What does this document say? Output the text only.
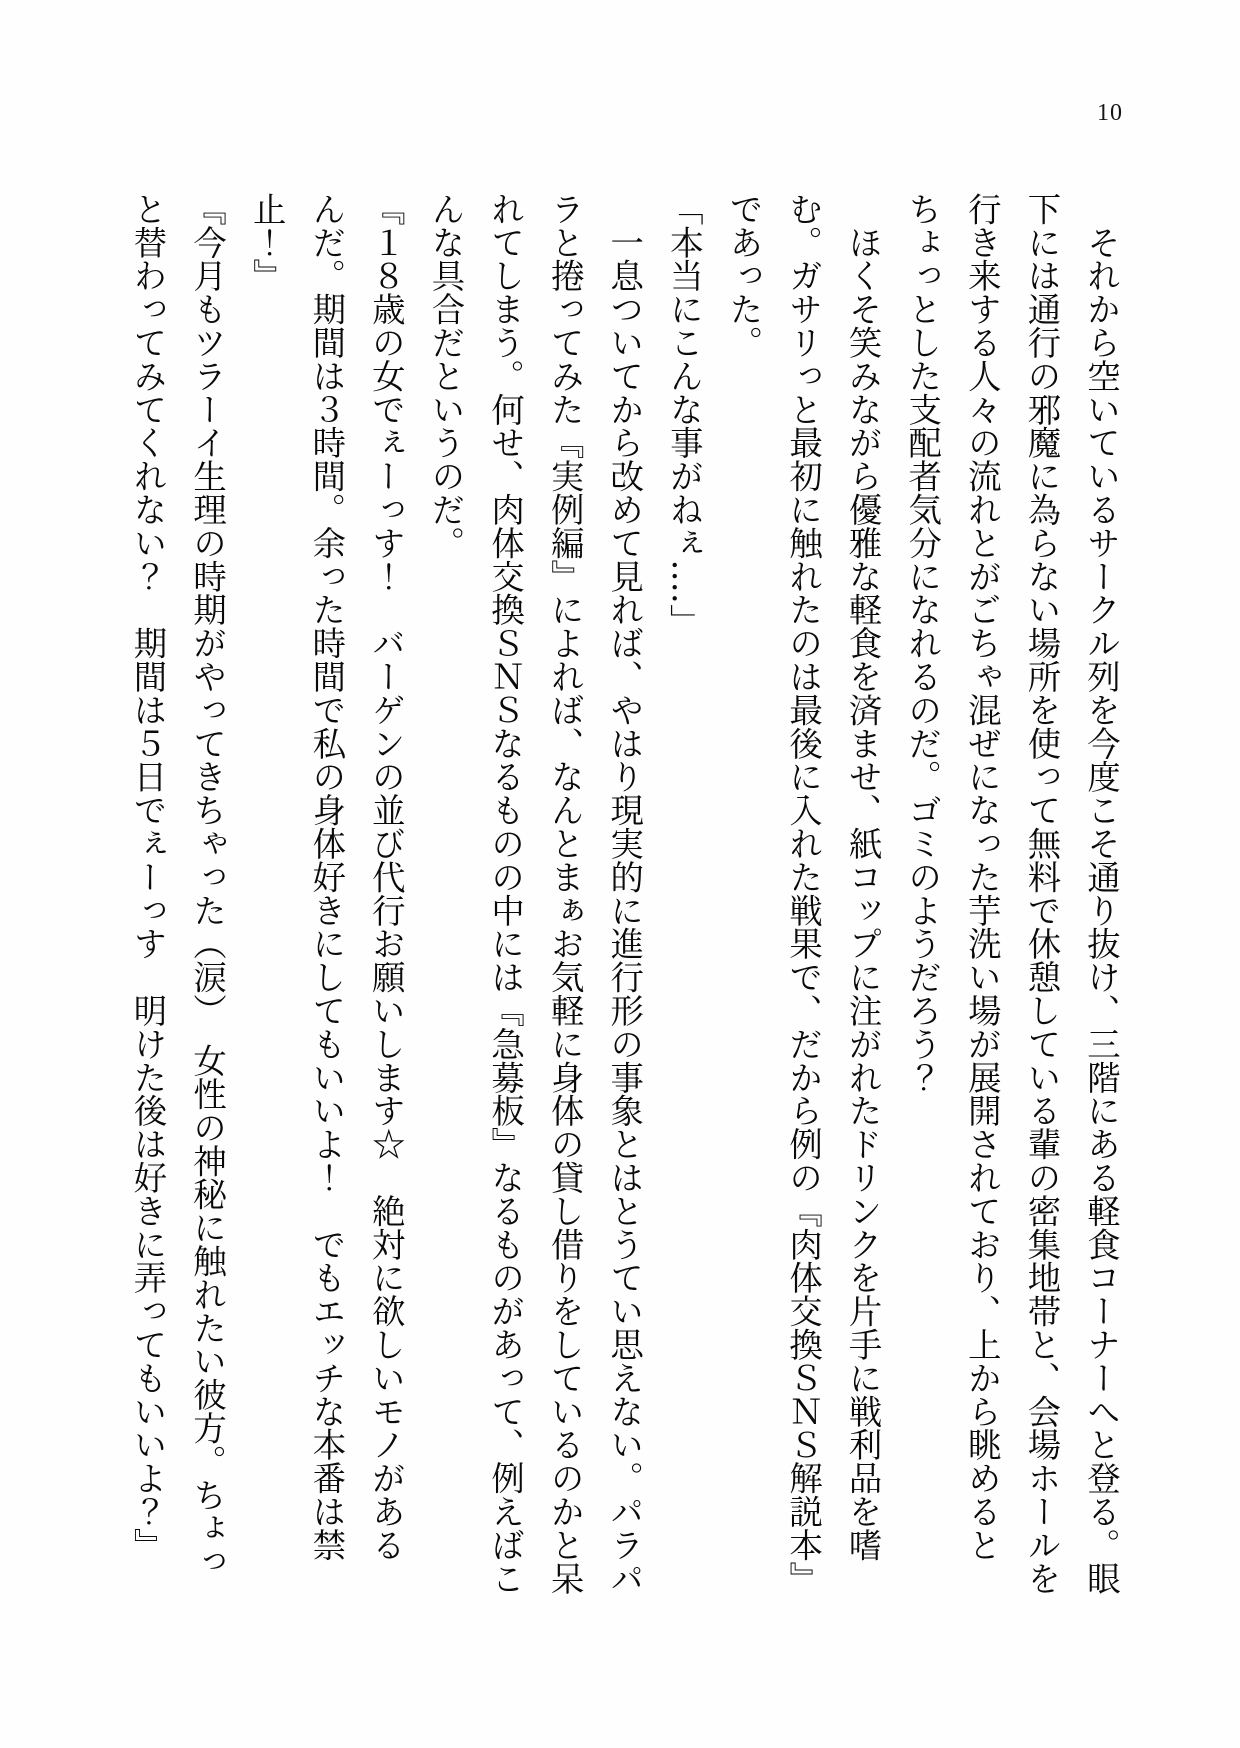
10
　それから空いているサークル列を今度こそ通り抜け、三階にある軽食コーナーへと登る。眼
下には通行の邪魔に為らない場所を使って無料で休憩している輩の密集地帯と、会場ホールを
行き来する人々の流れとがごちゃ混ぜになった芋洗い場が展開されており、上から眺めると
ちょっとした支配者気分になれるのだ。ゴミのようだろう？
　ほくそ笑みながら優雅な軽食を済ませ、紙コップに注がれたドリンクを片手に戦利品を嗜
む。ガサリっと最初に触れたのは最後に入れた戦果で、だから例の『肉体交換ＳＮＳ解説本』
であった。
「本当にこんな事がねぇ‥‥」
　一息ついてから改めて見れば、やはり現実的に進行形の事象とはとうてい思えない。パラパ
ラと捲ってみた『実例編』によれば、なんとまぁお気軽に身体の貸し借りをしているのかと呆
れてしまう。何せ、肉体交換ＳＮＳなるものの中には『急募板』なるものがあって、例えばこ
んな具合だというのだ。
『１８歳の女でぇーっす！　バーゲンの並び代行お願いします☆　絶対に欲しいモノがある
んだ。期間は３時間。余った時間で私の身体好きにしてもいいよ！　でもエッチな本番は禁
止！』
『今月もツラーイ生理の時期がやってきちゃった（涙）　女性の神秘に触れたい彼方。ちょっ
と替わってみてくれない？　期間は５日でぇーっす　明けた後は好きに弄ってもいいよ？』
